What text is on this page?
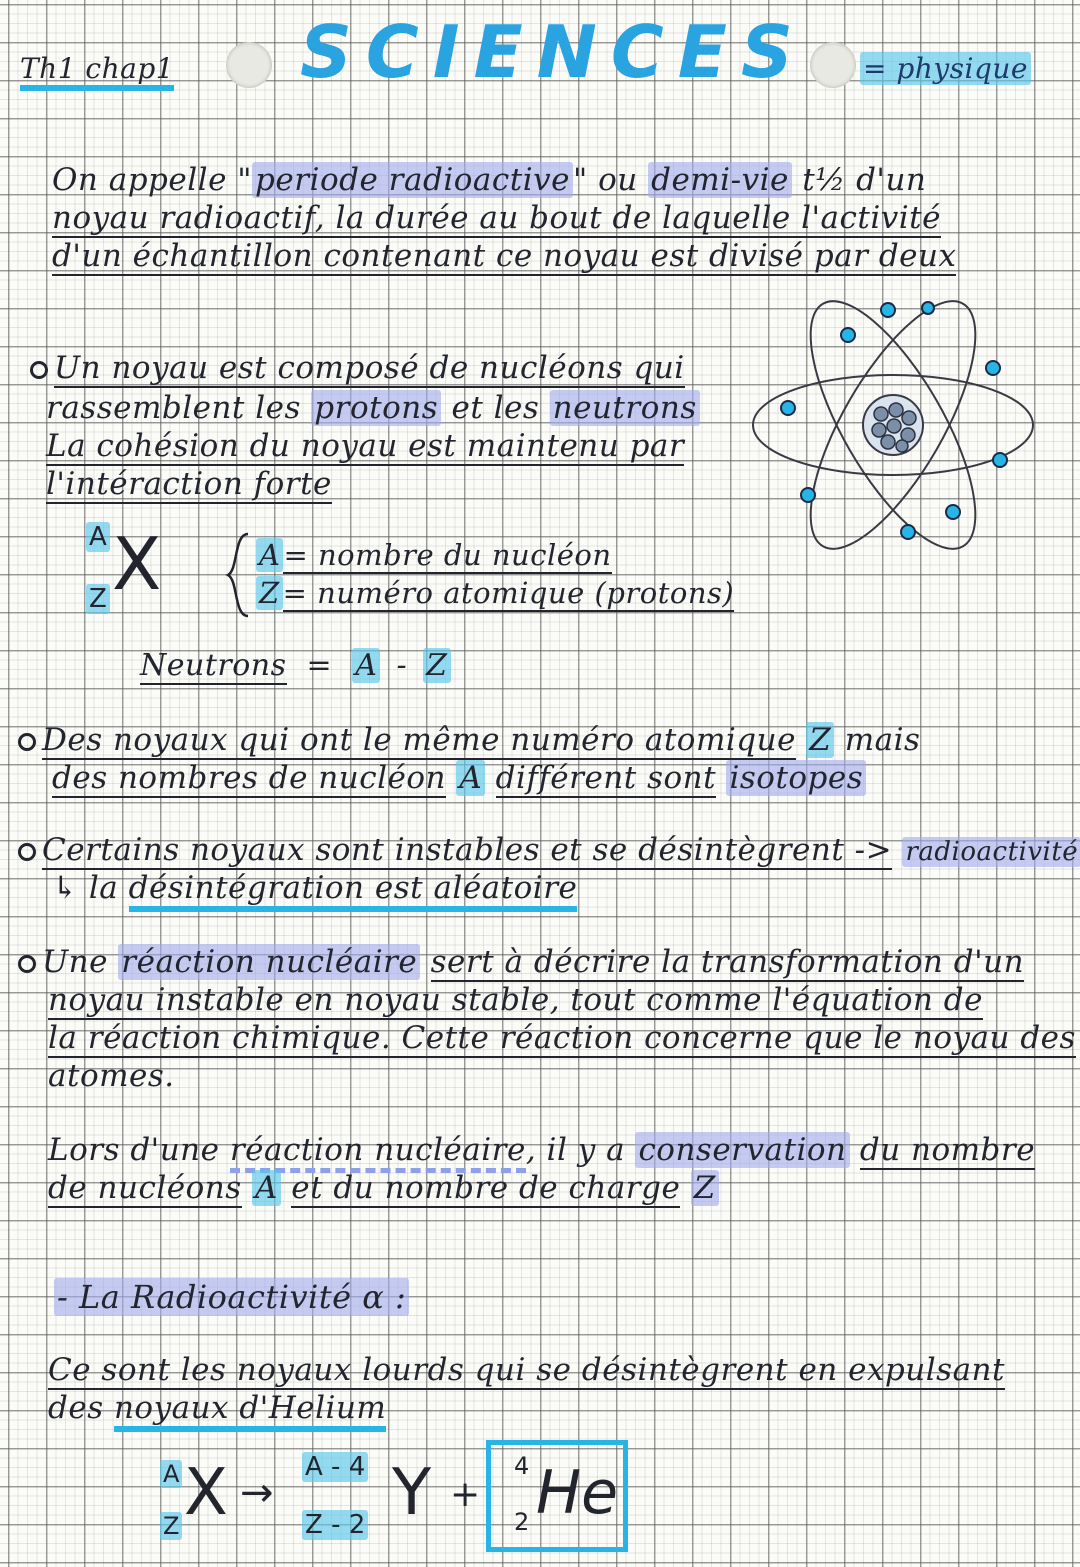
Th1 chap1 SCIENCES = physique
On appelle "periode radioactive" ou demi-vie t½ d'un
noyau radioactif, la durée au bout de laquelle l'activité
d'un échantillon contenant ce noyau est divisé par deux
Un noyau est composé de nucléons qui
rassemblent les protons et les neutrons
La cohésion du noyau est maintenu par
l'intéraction forte
A
Z X	A = nombre du nucléon
Z = numéro atomique (protons)
Neutrons = A - Z
Des noyaux qui ont le même numéro atomique Z mais
des nombres de nucléon A différent sont isotopes
Certains noyaux sont instables et se désintègrent -> radioactivité
↳ la désintégration est aléatoire
Une réaction nucléaire sert à décrire la transformation d'un
noyau instable en noyau stable, tout comme l'équation de
la réaction chimique. Cette réaction concerne que le noyau des
atomes.
Lors d'une réaction nucléaire, il y a conservation du nombre
de nucléons A et du nombre de charge Z
- La Radioactivité α :
Ce sont les noyaux lourds qui se désintègrent en expulsant
des noyaux d'Helium
A
Z X →
A - 4
Z - 2 Y +
4
2 He
